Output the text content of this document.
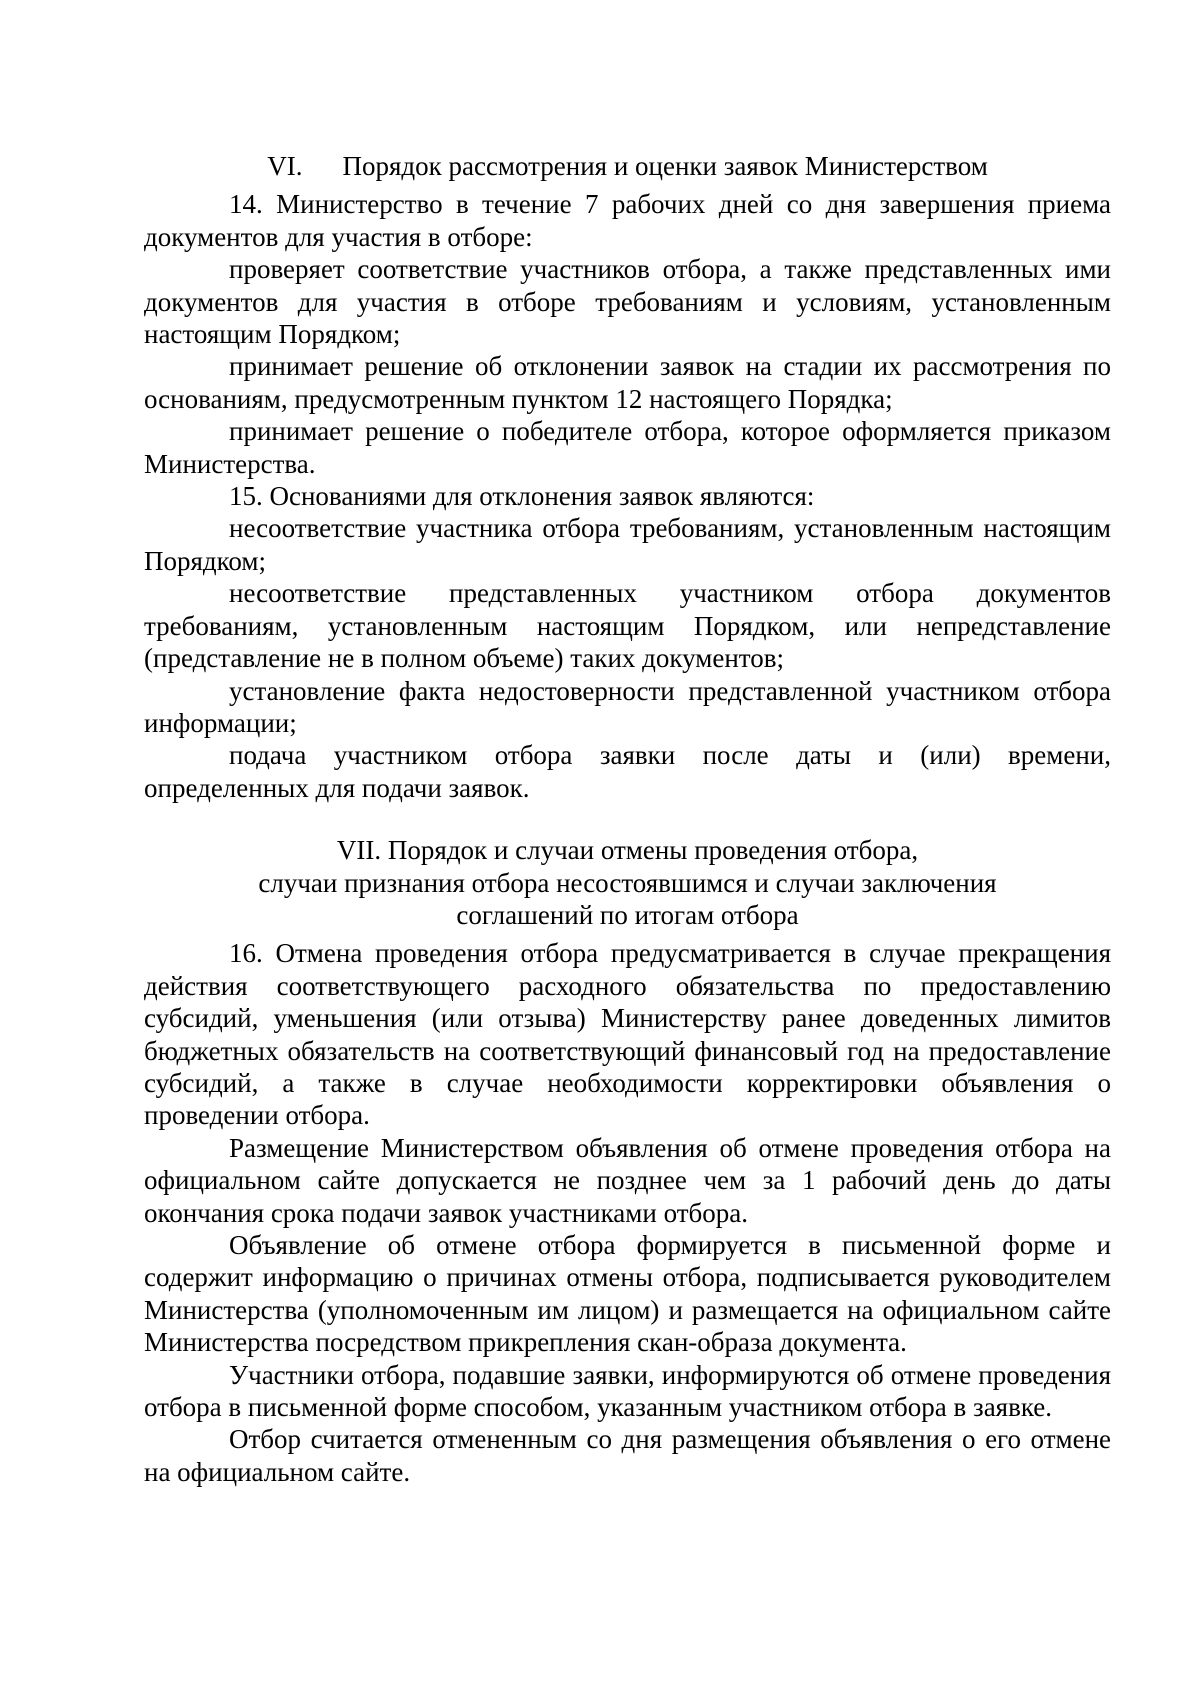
VI. Порядок рассмотрения и оценки заявок Министерством

14. Министерство в течение 7 рабочих дней со дня завершения приема документов для участия в отборе:

проверяет соответствие участников отбора, а также представленных ими документов для участия в отборе требованиям и условиям, установленным настоящим Порядком;

принимает решение об отклонении заявок на стадии их рассмотрения по основаниям, предусмотренным пунктом 12 настоящего Порядка;

принимает решение о победителе отбора, которое оформляется приказом Министерства.

15. Основаниями для отклонения заявок являются:

несоответствие участника отбора требованиям, установленным настоящим Порядком;

несоответствие представленных участником отбора документов требованиям, установленным настоящим Порядком, или непредставление (представление не в полном объеме) таких документов;

установление факта недостоверности представленной участником отбора информации;

подача участником отбора заявки после даты и (или) времени, определенных для подачи заявок.

VII. Порядок и случаи отмены проведения отбора,
случаи признания отбора несостоявшимся и случаи заключения
соглашений по итогам отбора

16. Отмена проведения отбора предусматривается в случае прекращения действия соответствующего расходного обязательства по предоставлению субсидий, уменьшения (или отзыва) Министерству ранее доведенных лимитов бюджетных обязательств на соответствующий финансовый год на предоставление субсидий, а также в случае необходимости корректировки объявления о проведении отбора.

Размещение Министерством объявления об отмене проведения отбора на официальном сайте допускается не позднее чем за 1 рабочий день до даты окончания срока подачи заявок участниками отбора.

Объявление об отмене отбора формируется в письменной форме и содержит информацию о причинах отмены отбора, подписывается руководителем Министерства (уполномоченным им лицом) и размещается на официальном сайте Министерства посредством прикрепления скан-образа документа.

Участники отбора, подавшие заявки, информируются об отмене проведения отбора в письменной форме способом, указанным участником отбора в заявке.

Отбор считается отмененным со дня размещения объявления о его отмене на официальном сайте.
